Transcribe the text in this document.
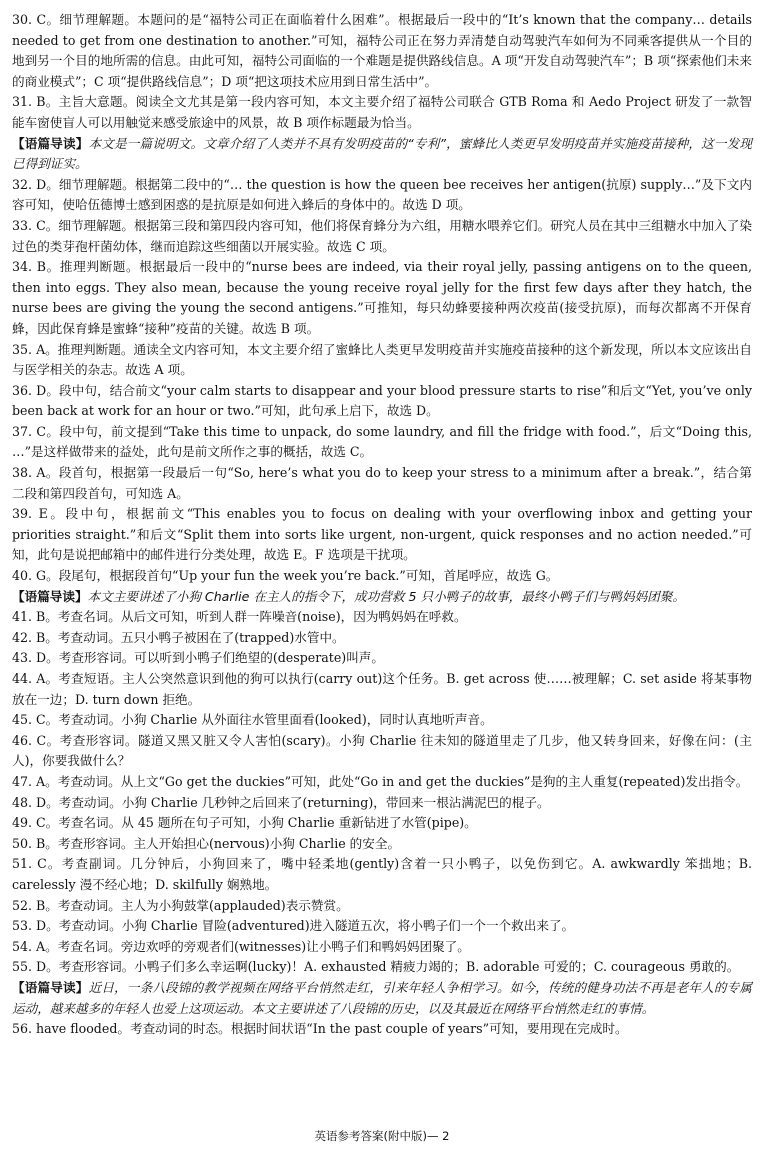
30. C。细节理解题。本题问的是“福特公司正在面临着什么困难”。根据最后一段中的“It’s known that the company… details needed to get from one destination to another.”可知，福特公司正在努力弄清楚自动驾驶汽车如何为不同乘客提供从一个目的地到另一个目的地所需的信息。由此可知，福特公司面临的一个难题是提供路线信息。A 项“开发自动驾驶汽车”；B 项“探索他们未来的商业模式”；C 项“提供路线信息”；D 项“把这项技术应用到日常生活中”。

31. B。主旨大意题。阅读全文尤其是第一段内容可知，本文主要介绍了福特公司联合 GTB Roma 和 Aedo Project 研发了一款智能车窗使盲人可以用触觉来感受旅途中的风景，故 B 项作标题最为恰当。

【语篇导读】本文是一篇说明文。文章介绍了人类并不具有发明疫苗的“专利”，蜜蜂比人类更早发明疫苗并实施疫苗接种，这一发现已得到证实。

32. D。细节理解题。根据第二段中的“… the question is how the queen bee receives her antigen(抗原) supply…”及下文内容可知，使哈伍德博士感到困惑的是抗原是如何进入蜂后的身体中的。故选 D 项。

33. C。细节理解题。根据第三段和第四段内容可知，他们将保育蜂分为六组，用糖水喂养它们。研究人员在其中三组糖水中加入了染过色的类芽孢杆菌幼体，继而追踪这些细菌以开展实验。故选 C 项。

34. B。推理判断题。根据最后一段中的“nurse bees are indeed, via their royal jelly, passing antigens on to the queen, then into eggs. They also mean, because the young receive royal jelly for the first few days after they hatch, the nurse bees are giving the young the second antigens.”可推知，每只幼蜂要接种两次疫苗(接受抗原)，而每次都离不开保育蜂，因此保育蜂是蜜蜂“接种”疫苗的关键。故选 B 项。

35. A。推理判断题。通读全文内容可知，本文主要介绍了蜜蜂比人类更早发明疫苗并实施疫苗接种的这个新发现，所以本文应该出自与医学相关的杂志。故选 A 项。

36. D。段中句，结合前文“your calm starts to disappear and your blood pressure starts to rise”和后文“Yet, you’ve only been back at work for an hour or two.”可知，此句承上启下，故选 D。

37. C。段中句，前文提到“Take this time to unpack, do some laundry, and fill the fridge with food.”，后文“Doing this, …”是这样做带来的益处，此句是前文所作之事的概括，故选 C。

38. A。段首句，根据第一段最后一句“So, here’s what you do to keep your stress to a minimum after a break.”，结合第二段和第四段首句，可知选 A。

39. E。段中句，根据前文“This enables you to focus on dealing with your overflowing inbox and getting your priorities straight.”和后文“Split them into sorts like urgent, non-urgent, quick responses and no action needed.”可知，此句是说把邮箱中的邮件进行分类处理，故选 E。F 选项是干扰项。

40. G。段尾句，根据段首句“Up your fun the week you’re back.”可知，首尾呼应，故选 G。

【语篇导读】本文主要讲述了小狗 Charlie 在主人的指令下，成功营救 5 只小鸭子的故事，最终小鸭子们与鸭妈妈团聚。

41. B。考查名词。从后文可知，听到人群一阵噪音(noise)，因为鸭妈妈在呼救。

42. B。考查动词。五只小鸭子被困在了(trapped)水管中。

43. D。考查形容词。可以听到小鸭子们绝望的(desperate)叫声。

44. A。考查短语。主人公突然意识到他的狗可以执行(carry out)这个任务。B. get across 使……被理解；C. set aside 将某事物放在一边；D. turn down 拒绝。

45. C。考查动词。小狗 Charlie 从外面往水管里面看(looked)，同时认真地听声音。

46. C。考查形容词。隧道又黑又脏又令人害怕(scary)。小狗 Charlie 往未知的隧道里走了几步，他又转身回来，好像在问：(主人)，你要我做什么？

47. A。考查动词。从上文“Go get the duckies”可知，此处“Go in and get the duckies”是狗的主人重复(repeated)发出指令。

48. D。考查动词。小狗 Charlie 几秒钟之后回来了(returning)，带回来一根沾满泥巴的棍子。

49. C。考查名词。从 45 题所在句子可知，小狗 Charlie 重新钻进了水管(pipe)。

50. B。考查形容词。主人开始担心(nervous)小狗 Charlie 的安全。

51. C。考查副词。几分钟后，小狗回来了，嘴中轻柔地(gently)含着一只小鸭子，以免伤到它。A. awkwardly 笨拙地；B. carelessly 漫不经心地；D. skilfully 娴熟地。

52. B。考查动词。主人为小狗鼓掌(applauded)表示赞赏。

53. D。考查动词。小狗 Charlie 冒险(adventured)进入隧道五次，将小鸭子们一个一个救出来了。

54. A。考查名词。旁边欢呼的旁观者们(witnesses)让小鸭子们和鸭妈妈团聚了。

55. D。考查形容词。小鸭子们多么幸运啊(lucky)！A. exhausted 精疲力竭的；B. adorable 可爱的；C. courageous 勇敢的。

【语篇导读】近日，一条八段锦的教学视频在网络平台悄然走红，引来年轻人争相学习。如今，传统的健身功法不再是老年人的专属运动，越来越多的年轻人也爱上这项运动。本文主要讲述了八段锦的历史，以及其最近在网络平台悄然走红的事情。

56. have flooded。考查动词的时态。根据时间状语“In the past couple of years”可知，要用现在完成时。

英语参考答案(附中版)— 2
